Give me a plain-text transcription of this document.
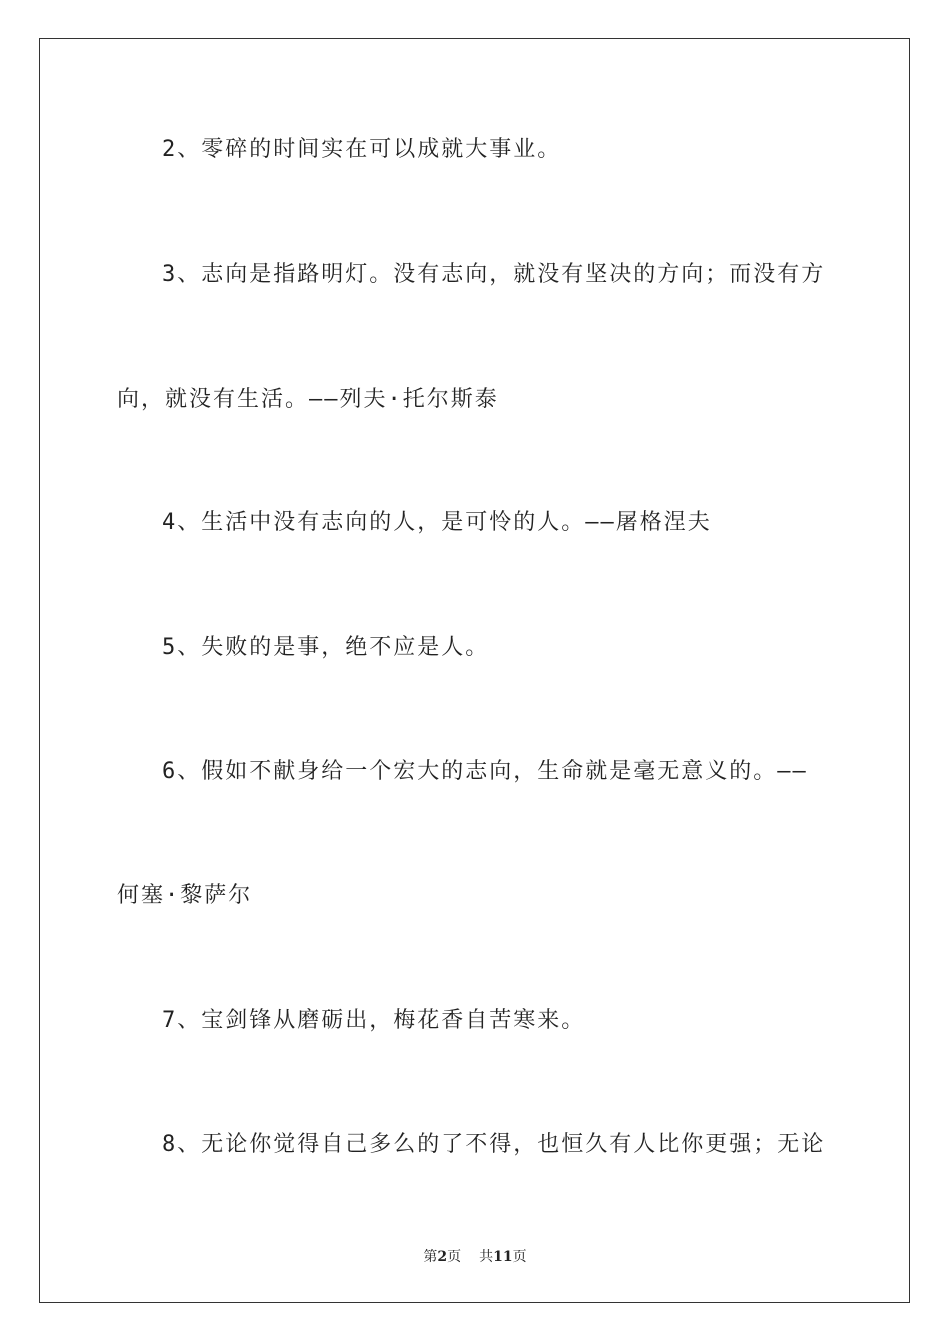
2、零碎的时间实在可以成就大事业。
3、志向是指路明灯。没有志向，就没有坚决的方向；而没有方
向，就没有生活。——列夫·托尔斯泰
4、生活中没有志向的人，是可怜的人。——屠格涅夫
5、失败的是事，绝不应是人。
6、假如不献身给一个宏大的志向，生命就是毫无意义的。——
何塞·黎萨尔
7、宝剑锋从磨砺出，梅花香自苦寒来。
8、无论你觉得自己多么的了不得，也恒久有人比你更强；无论
第2页 共11页
